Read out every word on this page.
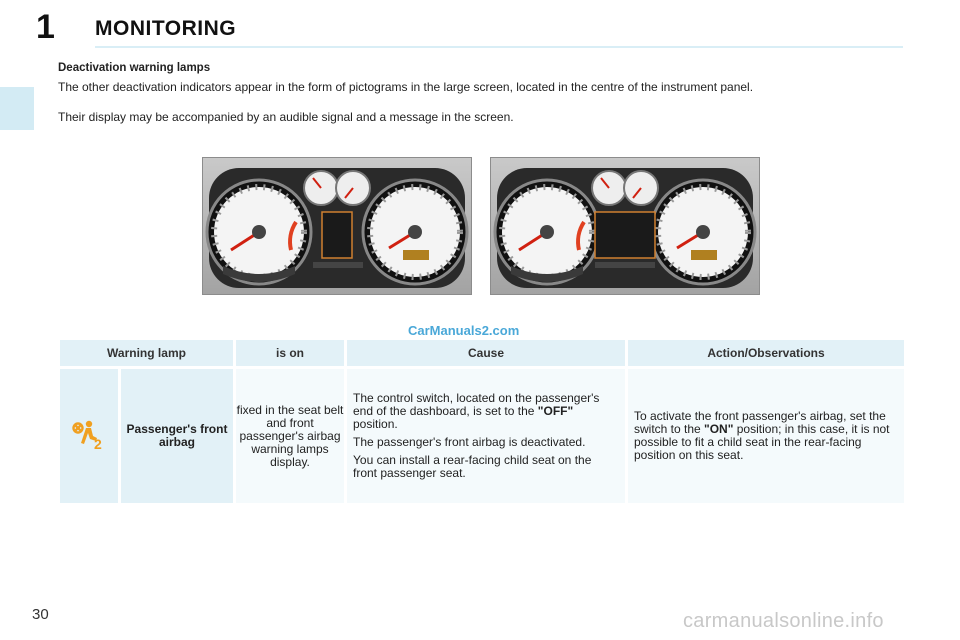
1 MONITORING
Deactivation warning lamps
The other deactivation indicators appear in the form of pictograms in the large screen, located in the centre of the instrument panel.
Their display may be accompanied by an audible signal and a message in the screen.
CarManuals2.com
Warning lamp		is on	Cause	Action/Observations

2	Passenger's front airbag	fixed in the seat belt and front passenger's airbag warning lamps display.	The control switch, located on the passenger's end of the dashboard, is set to the "OFF" position.

The passenger's front airbag is deactivated.

You can install a rear-facing child seat on the front passenger seat.	To activate the front passenger's airbag, set the switch to the "ON" position; in this case, it is not possible to fit a child seat in the rear-facing position on this seat.
30	carmanualsonline.info
